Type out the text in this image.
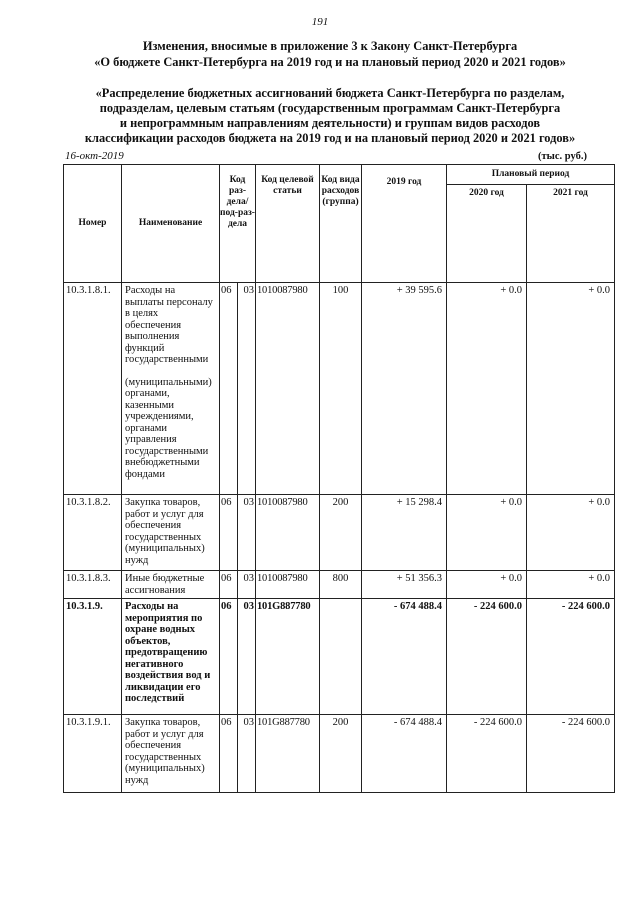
191
Изменения, вносимые в приложение 3 к Закону Санкт-Петербурга
«О бюджете Санкт-Петербурга на 2019 год и на плановый период 2020 и 2021 годов»
«Распределение бюджетных ассигнований бюджета Санкт-Петербурга по разделам,
подразделам, целевым статьям (государственным программам Санкт-Петербурга
и непрограммным направлениям деятельности) и группам видов расходов
классификации расходов бюджета на 2019 год и на плановый период 2020 и 2021 годов»
16-окт-2019	(тыс. руб.)
Номер	Наименование	Код раз-дела/ под-раз-дела		Код целевой статьи	Код вида расходов (группа)	2019 год	Плановый период	
							2020 год	2021 год
10.3.1.8.1.	Расходы на выплаты персоналу в целях обеспечения выполнения функций государственными
(муниципальными) органами, казенными учреждениями, органами управления государственными внебюджетными фондами	06	03	1010087980	100	+ 39 595.6	+ 0.0	+ 0.0
10.3.1.8.2.	Закупка товаров, работ и услуг для обеспечения государственных (муниципальных) нужд	06	03	1010087980	200	+ 15 298.4	+ 0.0	+ 0.0
10.3.1.8.3.	Иные бюджетные ассигнования	06	03	1010087980	800	+ 51 356.3	+ 0.0	+ 0.0
10.3.1.9.	Расходы на мероприятия по охране водных объектов, предотвращению негативного воздействия вод и ликвидации его последствий	06	03	101G887780		- 674 488.4	- 224 600.0	- 224 600.0
10.3.1.9.1.	Закупка товаров, работ и услуг для обеспечения государственных (муниципальных) нужд	06	03	101G887780	200	- 674 488.4	- 224 600.0	- 224 600.0
